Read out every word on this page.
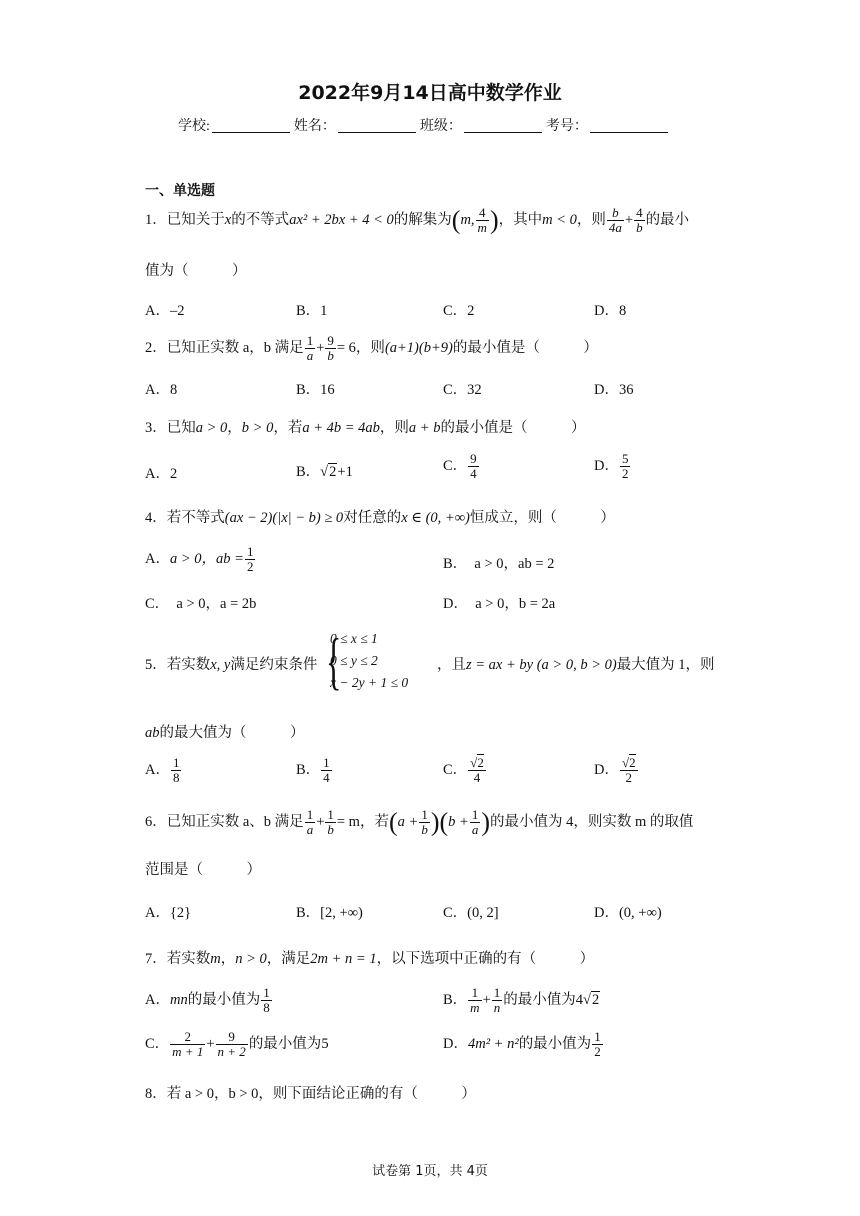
2022年9月14日高中数学作业
学校:	姓名：	班级：	考号：
一、单选题
1．已知关于x的不等式ax² + 2bx + 4 < 0的解集为(m, $\frac{4}{m}$ )，其中m < 0，则 $\frac{b}{4a} + \frac{4}{b}$ 的最小
值为（　　　）
A．–2	B．1	C．2	D．8
2．已知正实数 a，b 满足 $\frac{1}{a} + \frac{9}{b} = 6$，则(a+1)(b+9)的最小值是（　　　）
A．8	B．16	C．32	D．36
3．已知a > 0，b > 0，若a + 4b = 4ab，则a + b的最小值是（　　　）
A．2	B．√2+1	C． $\frac{9}{4}$	D． $\frac{5}{2}$
4．若不等式(ax − 2)(|x| − b) ≥ 0对任意的x ∈ (0, +∞)恒成立，则（　　　）
A．a > 0，ab = $\frac{1}{2}$	B．　a > 0，ab = 2
C．　a > 0，a = 2b	D．　a > 0，b = 2a
5．若实数x, y满足约束条件 {
0 ≤ x ≤ 1
0 ≤ y ≤ 2
x − 2y + 1 ≤ 0
，且z = ax + by (a > 0, b > 0)最大值为 1，则
ab的最大值为（　　　）
A． $\frac{1}{8}$	B． $\frac{1}{4}$	C． $\frac{√2}{4}$	D． $\frac{√2}{2}$
6．已知正实数 a、b 满足 $\frac{1}{a} + \frac{1}{b} = m$，若$(a + \frac{1}{b} )(b + \frac{1}{a}$ )的最小值为 4，则实数 m 的取值
范围是（　　　）
A．{2}	B．[2, +∞)	C．(0, 2]	D．(0, +∞)
7．若实数m，n > 0，满足2m + n = 1，以下选项中正确的有（　　　）
A．mn的最小值为 $\frac{1}{8}$	B． $\frac{1}{m} + \frac{1}{n}$ 的最小值为4√2
C． $\frac{2}{m + 1} + \frac{9}{n + 2}$ 的最小值为5	D．4m² + n²的最小值为 $\frac{1}{2}$
8．若 a > 0，b > 0，则下面结论正确的有（　　　）
试卷第 1页，共 4页
